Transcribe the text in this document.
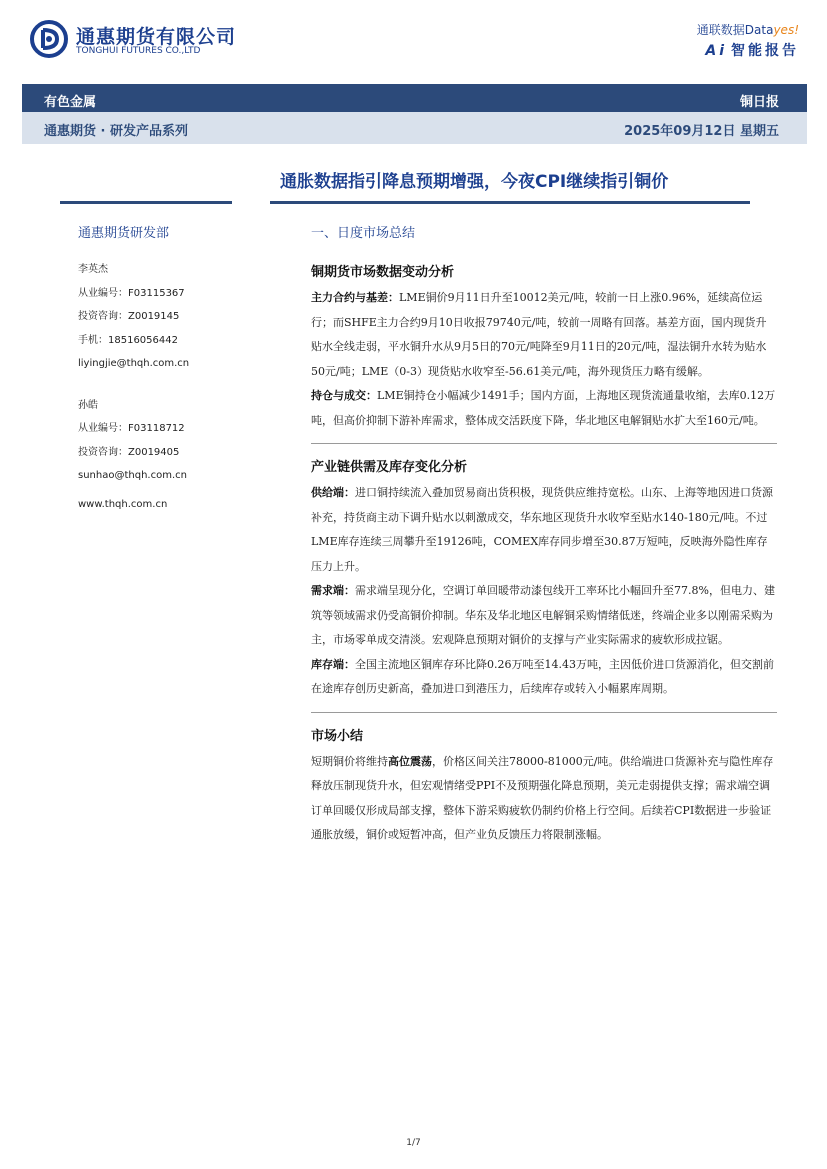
通惠期货有限公司
TONGHUI FUTURES CO.,LTD
通联数据Datayes!
Ai 智能报告
有色金属	铜日报
通惠期货 · 研发产品系列	2025年09月12日 星期五
通胀数据指引降息预期增强，今夜CPI继续指引铜价
通惠期货研发部
李英杰
从业编号：F03115367
投资咨询：Z0019145
手机：18516056442
liyingjie@thqh.com.cn
孙皓
从业编号：F03118712
投资咨询：Z0019405
sunhao@thqh.com.cn
www.thqh.com.cn
一、日度市场总结
铜期货市场数据变动分析

主力合约与基差：LME铜价9月11日升至10012美元/吨，较前一日上涨0.96%，延续高位运行；而SHFE主力合约9月10日收报79740元/吨，较前一周略有回落。基差方面，国内现货升贴水全线走弱，平水铜升水从9月5日的70元/吨降至9月11日的20元/吨，湿法铜升水转为贴水50元/吨；LME（0-3）现货贴水收窄至-56.61美元/吨，海外现货压力略有缓解。

持仓与成交：LME铜持仓小幅减少1491手；国内方面，上海地区现货流通量收缩，去库0.12万吨，但高价抑制下游补库需求，整体成交活跃度下降，华北地区电解铜贴水扩大至160元/吨。

产业链供需及库存变化分析

供给端：进口铜持续流入叠加贸易商出货积极，现货供应维持宽松。山东、上海等地因进口货源补充，持货商主动下调升贴水以刺激成交，华东地区现货升水收窄至贴水140-180元/吨。不过LME库存连续三周攀升至19126吨，COMEX库存同步增至30.87万短吨，反映海外隐性库存压力上升。

需求端：需求端呈现分化，空调订单回暖带动漆包线开工率环比小幅回升至77.8%，但电力、建筑等领域需求仍受高铜价抑制。华东及华北地区电解铜采购情绪低迷，终端企业多以刚需采购为主，市场零单成交清淡。宏观降息预期对铜价的支撑与产业实际需求的疲软形成拉锯。

库存端：全国主流地区铜库存环比降0.26万吨至14.43万吨，主因低价进口货源消化，但交割前在途库存创历史新高，叠加进口到港压力，后续库存或转入小幅累库周期。

市场小结

短期铜价将维持高位震荡，价格区间关注78000-81000元/吨。供给端进口货源补充与隐性库存释放压制现货升水，但宏观情绪受PPI不及预期强化降息预期，美元走弱提供支撑；需求端空调订单回暖仅形成局部支撑，整体下游采购疲软仍制约价格上行空间。后续若CPI数据进一步验证通胀放缓，铜价或短暂冲高，但产业负反馈压力将限制涨幅。

1/7
